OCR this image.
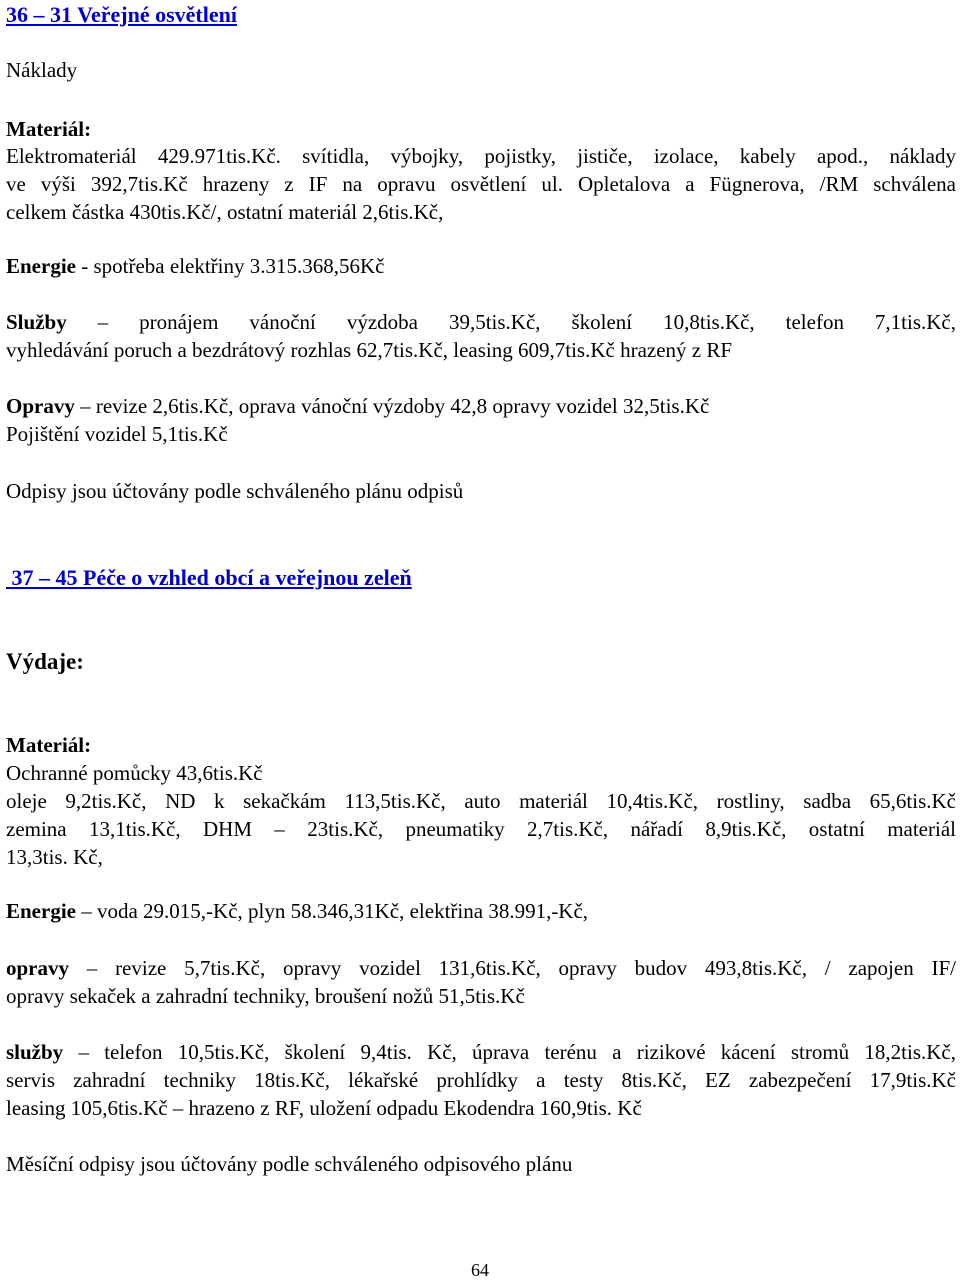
36 – 31 Veřejné osvětlení
Náklady
Materiál:
Elektromateriál 429.971tis.Kč. svítidla, výbojky, pojistky, jističe, izolace, kabely apod., náklady
ve výši 392,7tis.Kč hrazeny z IF na opravu osvětlení ul. Opletalova a Fügnerova, /RM schválena
celkem částka 430tis.Kč/, ostatní materiál 2,6tis.Kč,
Energie - spotřeba elektřiny 3.315.368,56Kč
Služby – pronájem vánoční výzdoba 39,5tis.Kč, školení 10,8tis.Kč, telefon 7,1tis.Kč,
vyhledávání poruch a bezdrátový rozhlas 62,7tis.Kč, leasing 609,7tis.Kč hrazený z RF
Opravy – revize 2,6tis.Kč, oprava vánoční výzdoby 42,8 opravy vozidel 32,5tis.Kč
Pojištění vozidel 5,1tis.Kč
Odpisy jsou účtovány podle schváleného plánu odpisů
37 – 45 Péče o vzhled obcí a veřejnou zeleň
Výdaje:
Materiál:
Ochranné pomůcky 43,6tis.Kč
oleje 9,2tis.Kč, ND k sekačkám 113,5tis.Kč, auto materiál 10,4tis.Kč, rostliny, sadba 65,6tis.Kč
zemina 13,1tis.Kč, DHM – 23tis.Kč, pneumatiky 2,7tis.Kč, nářadí 8,9tis.Kč, ostatní materiál
13,3tis. Kč,
Energie – voda 29.015,-Kč, plyn 58.346,31Kč, elektřina 38.991,-Kč,
opravy – revize 5,7tis.Kč, opravy vozidel 131,6tis.Kč, opravy budov 493,8tis.Kč, / zapojen IF/
opravy sekaček a zahradní techniky, broušení nožů 51,5tis.Kč
služby – telefon 10,5tis.Kč, školení 9,4tis. Kč, úprava terénu a rizikové kácení stromů 18,2tis.Kč,
servis zahradní techniky 18tis.Kč, lékařské prohlídky a testy 8tis.Kč, EZ zabezpečení 17,9tis.Kč
leasing 105,6tis.Kč – hrazeno z RF, uložení odpadu Ekodendra 160,9tis. Kč
Měsíční odpisy jsou účtovány podle schváleného odpisového plánu
64
